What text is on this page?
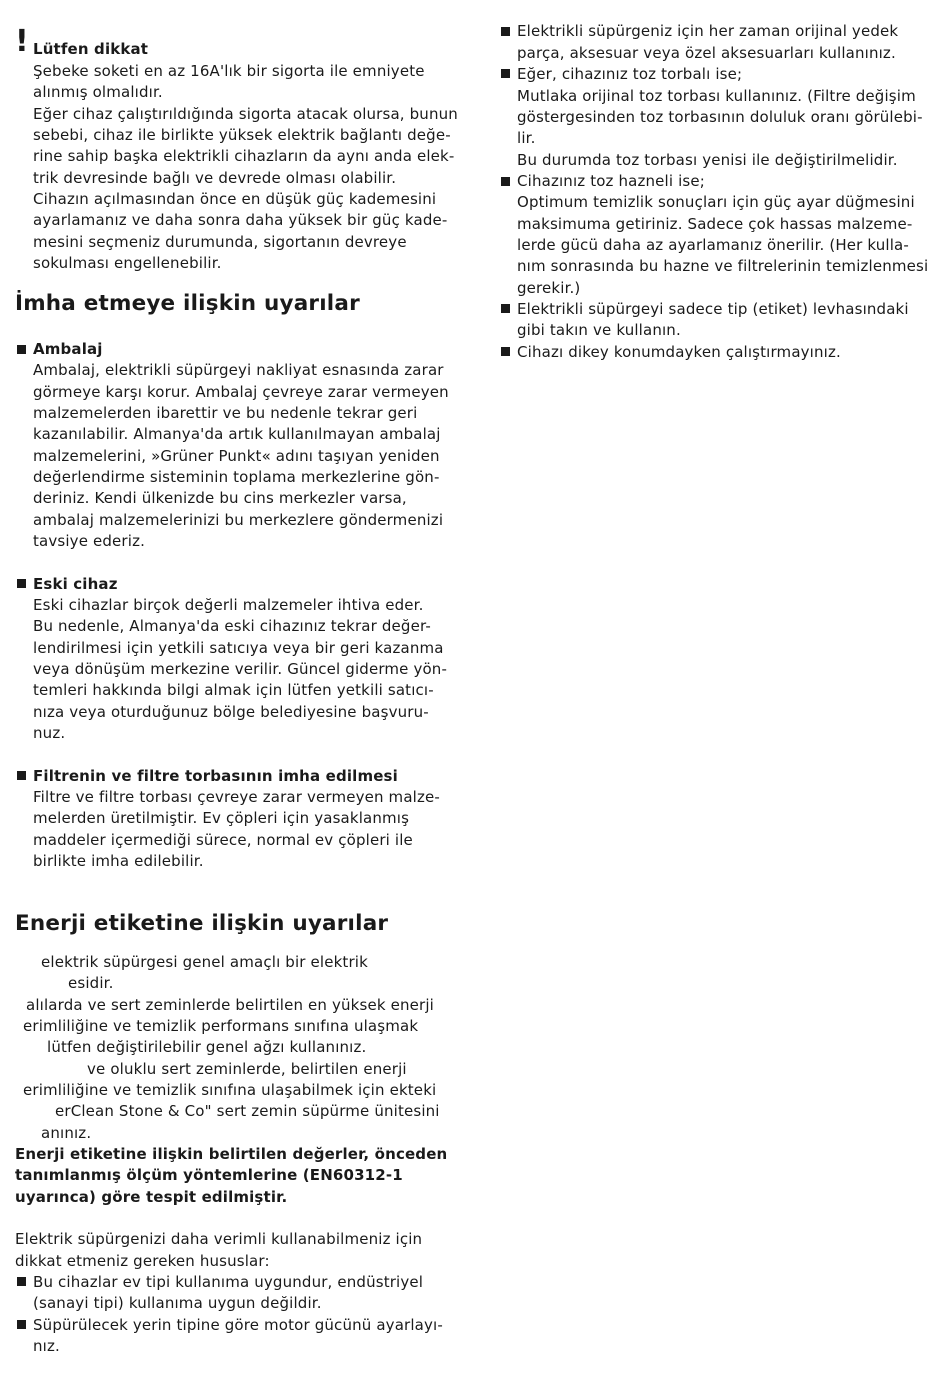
! Lütfen dikkat
Şebeke soketi en az 16A'lık bir sigorta ile emniyete
alınmış olmalıdır.
Eğer cihaz çalıştırıldığında sigorta atacak olursa, bunun
sebebi, cihaz ile birlikte yüksek elektrik bağlantı değe-
rine sahip başka elektrikli cihazların da aynı anda elek-
trik devresinde bağlı ve devrede olması olabilir.
Cihazın açılmasından önce en düşük güç kademesini
ayarlamanız ve daha sonra daha yüksek bir güç kade-
mesini seçmeniz durumunda, sigortanın devreye
sokulması engellenebilir.
İmha etmeye ilişkin uyarılar
Ambalaj
Ambalaj, elektrikli süpürgeyi nakliyat esnasında zarar
görmeye karşı korur. Ambalaj çevreye zarar vermeyen
malzemelerden ibarettir ve bu nedenle tekrar geri
kazanılabilir. Almanya'da artık kullanılmayan ambalaj
malzemelerini, »Grüner Punkt« adını taşıyan yeniden
değerlendirme sisteminin toplama merkezlerine gön-
deriniz. Kendi ülkenizde bu cins merkezler varsa,
ambalaj malzemelerinizi bu merkezlere göndermenizi
tavsiye ederiz.
Eski cihaz
Eski cihazlar birçok değerli malzemeler ihtiva eder.
Bu nedenle, Almanya'da eski cihazınız tekrar değer-
lendirilmesi için yetkili satıcıya veya bir geri kazanma
veya dönüşüm merkezine verilir. Güncel giderme yön-
temleri hakkında bilgi almak için lütfen yetkili satıcı-
nıza veya oturduğunuz bölge belediyesine başvuru-
nuz.
Filtrenin ve filtre torbasının imha edilmesi
Filtre ve filtre torbası çevreye zarar vermeyen malze-
melerden üretilmiştir. Ev çöpleri için yasaklanmış
maddeler içermediği sürece, normal ev çöpleri ile
birlikte imha edilebilir.
Enerji etiketine ilişkin uyarılar
elektrik süpürgesi genel amaçlı bir elektrik
esidir.
alılarda ve sert zeminlerde belirtilen en yüksek enerji
erimliliğine ve temizlik performans sınıfına ulaşmak
lütfen değiştirilebilir genel ağzı kullanınız.
ve oluklu sert zeminlerde, belirtilen enerji
erimliliğine ve temizlik sınıfına ulaşabilmek için ekteki
erClean Stone & Co" sert zemin süpürme ünitesini
anınız.
Enerji etiketine ilişkin belirtilen değerler, önceden
tanımlanmış ölçüm yöntemlerine (EN60312-1
uyarınca) göre tespit edilmiştir.
Elektrik süpürgenizi daha verimli kullanabilmeniz için
dikkat etmeniz gereken hususlar:
Bu cihazlar ev tipi kullanıma uygundur, endüstriyel
(sanayi tipi) kullanıma uygun değildir.
Süpürülecek yerin tipine göre motor gücünü ayarlayı-
nız.
Elektrikli süpürgeniz için her zaman orijinal yedek
parça, aksesuar veya özel aksesuarları kullanınız.
Eğer, cihazınız toz torbalı ise;
Mutlaka orijinal toz torbası kullanınız. (Filtre değişim
göstergesinden toz torbasının doluluk oranı görülebi-
lir.
Bu durumda toz torbası yenisi ile değiştirilmelidir.
Cihazınız toz hazneli ise;
Optimum temizlik sonuçları için güç ayar düğmesini
maksimuma getiriniz. Sadece çok hassas malzeme-
lerde gücü daha az ayarlamanız önerilir. (Her kulla-
nım sonrasında bu hazne ve filtrelerinin temizlenmesi
gerekir.)
Elektrikli süpürgeyi sadece tip (etiket) levhasındaki
gibi takın ve kullanın.
Cihazı dikey konumdayken çalıştırmayınız.
